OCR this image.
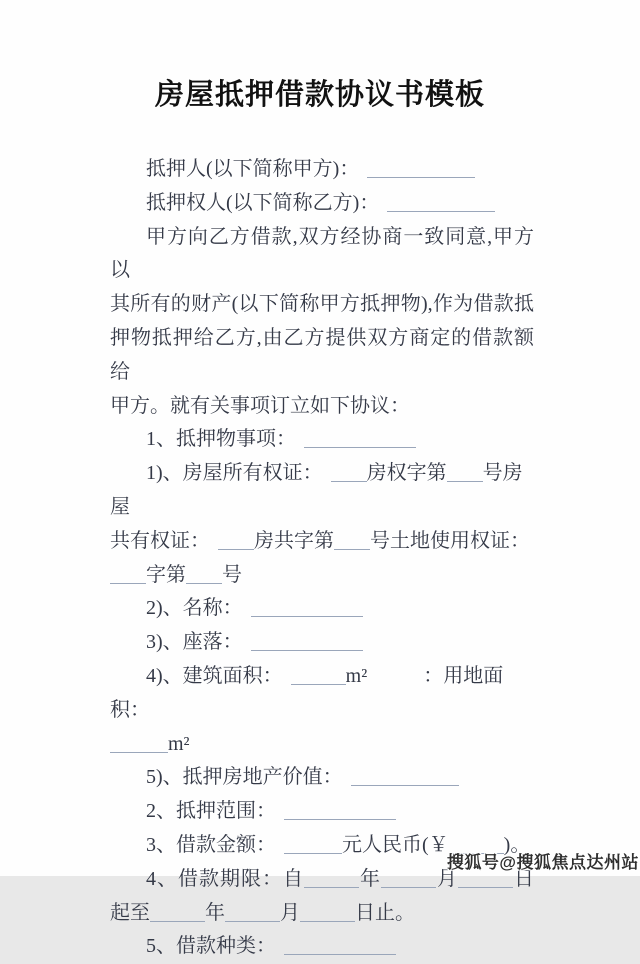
房屋抵押借款协议书模板

抵押人(以下简称甲方)：

抵押权人(以下简称乙方)：

甲方向乙方借款,双方经协商一致同意,甲方以

其所有的财产(以下简称甲方抵押物),作为借款抵

押物抵押给乙方,由乙方提供双方商定的借款额给

甲方。就有关事项订立如下协议：

1、抵押物事项：

1)、房屋所有权证： 房权字第 号房屋

共有权证： 房共字第 号土地使用权证：

字第 号

2)、名称：

3)、座落：

4)、建筑面积：	m²	：用地面积：

m²

5)、抵押房地产价值：

2、抵押范围：

3、借款金额：	元人民币(￥	)。

4、借款期限：自	年	月	日

起至	年	月	日止。

5、借款种类：

搜狐号@搜狐焦点达州站
